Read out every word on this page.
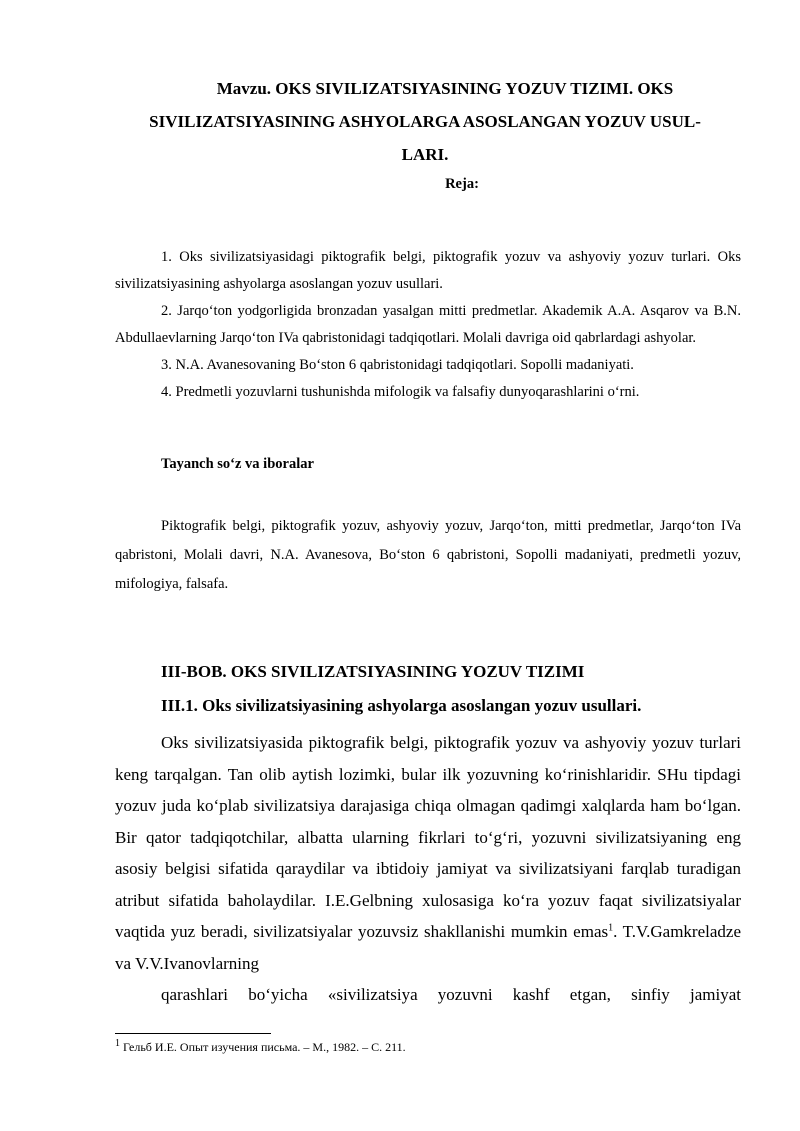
Mavzu. OKS SIVILIZATSIYASINING YOZUV TIZIMI. OKS
SIVILIZATSIYASINING ASHYOLARGA ASOSLANGAN YOZUV USUL-
LARI.
Reja:

1. Oks sivilizatsiyasidagi piktografik belgi, piktografik yozuv va ashyoviy yozuv turlari. Oks sivilizatsiyasining ashyolarga asoslangan yozuv usullari.

2. Jarqo‘ton yodgorligida bronzadan yasalgan mitti predmetlar. Akademik A.A. Asqarov va B.N. Abdullaevlarning Jarqo‘ton IVa qabristonidagi tadqiqotlari. Molali davriga oid qabrlardagi ashyolar.

3. N.A. Avanesovaning Bo‘ston 6 qabristonidagi tadqiqotlari. Sopolli madaniyati.

4. Predmetli yozuvlarni tushunishda mifologik va falsafiy dunyoqarashlarini o‘rni.

Tayanch so‘z va iboralar

Piktografik belgi, piktografik yozuv, ashyoviy yozuv, Jarqo‘ton, mitti predmetlar, Jarqo‘ton IVa qabristoni, Molali davri, N.A. Avanesova, Bo‘ston 6 qabristoni, Sopolli madaniyati, predmetli yozuv, mifologiya, falsafa.

III-BOB. OKS SIVILIZATSIYASINING YOZUV TIZIMI
III.1. Oks sivilizatsiyasining ashyolarga asoslangan yozuv usullari.

Oks sivilizatsiyasida piktografik belgi, piktografik yozuv va ashyoviy yozuv turlari keng tarqalgan. Tan olib aytish lozimki, bular ilk yozuvning ko‘rinishlaridir. SHu tipdagi yozuv juda ko‘plab sivilizatsiya darajasiga chiqa olmagan qadimgi xalqlarda ham bo‘lgan. Bir qator tadqiqotchilar, albatta ularning fikrlari to‘g‘ri, yozuvni sivilizatsiyaning eng asosiy belgisi sifatida qaraydilar va ibtidoiy jamiyat va sivilizatsiyani farqlab turadigan atribut sifatida baholaydilar. I.E.Gelbning xulosasiga ko‘ra yozuv faqat sivilizatsiyalar vaqtida yuz beradi, sivilizatsiyalar yozuvsiz shakllanishi mumkin emas$^1$. T.V.Gamkreladze va V.V.Ivanovlarning
qarashlari bo‘yicha «sivilizatsiya yozuvni kashf etgan, sinfiy jamiyat

$^1$ Гельб И.Е. Опыт изучения письма. – М., 1982. – С. 211.
